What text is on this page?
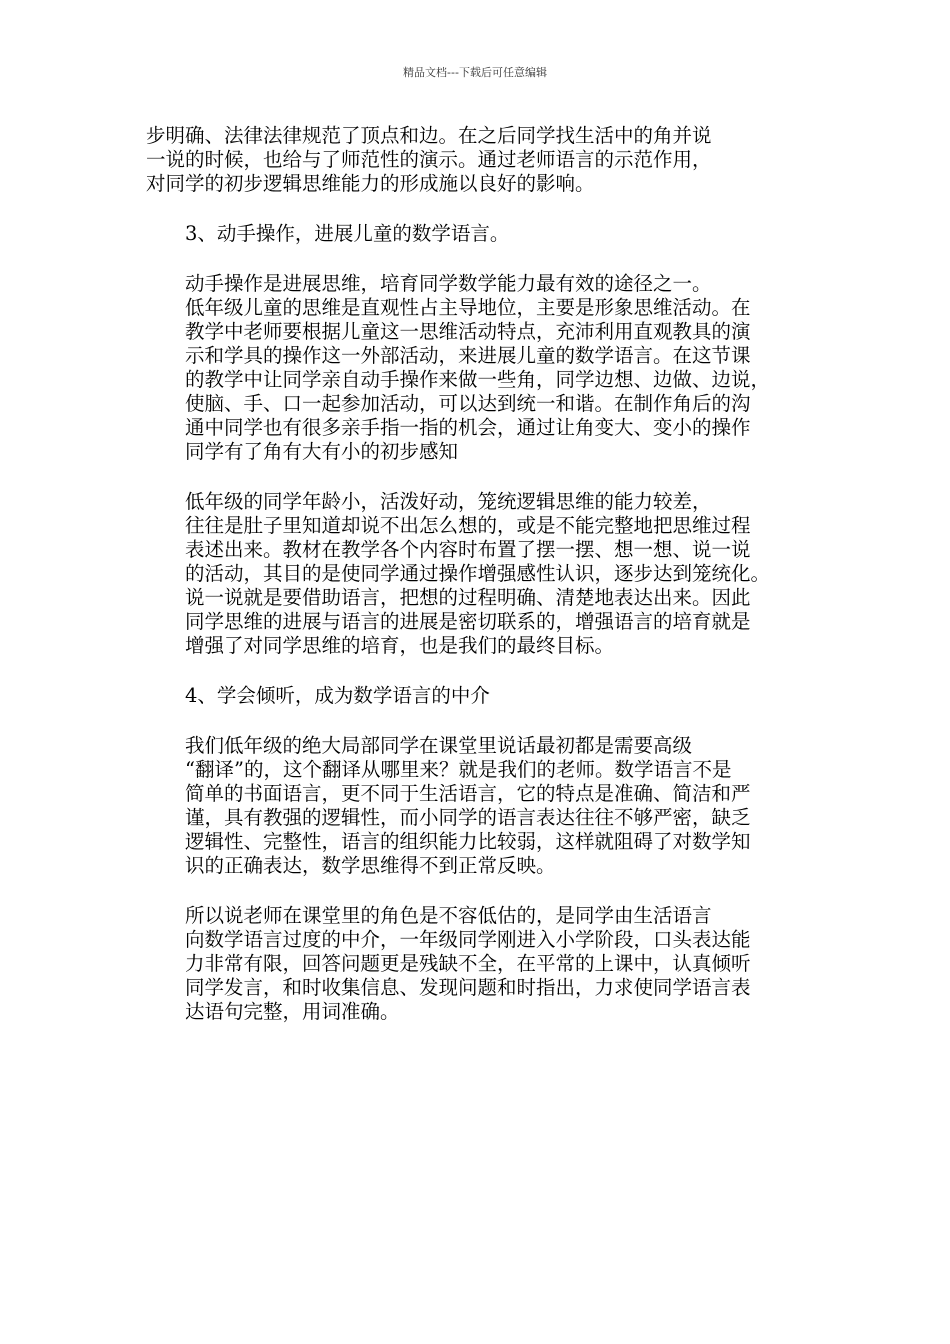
精品文档---下载后可任意编辑
步明确、法律法律规范了顶点和边。在之后同学找生活中的角并说
一说的时候，也给与了师范性的演示。通过老师语言的示范作用，
对同学的初步逻辑思维能力的形成施以良好的影响。
3、动手操作，进展儿童的数学语言。
动手操作是进展思维，培育同学数学能力最有效的途径之一。
低年级儿童的思维是直观性占主导地位，主要是形象思维活动。在
教学中老师要根据儿童这一思维活动特点，充沛利用直观教具的演
示和学具的操作这一外部活动，来进展儿童的数学语言。在这节课
的教学中让同学亲自动手操作来做一些角，同学边想、边做、边说，
使脑、手、口一起参加活动，可以达到统一和谐。在制作角后的沟
通中同学也有很多亲手指一指的机会，通过让角变大、变小的操作
同学有了角有大有小的初步感知
低年级的同学年龄小，活泼好动，笼统逻辑思维的能力较差，
往往是肚子里知道却说不出怎么想的，或是不能完整地把思维过程
表述出来。教材在教学各个内容时布置了摆一摆、想一想、说一说
的活动，其目的是使同学通过操作增强感性认识，逐步达到笼统化。
说一说就是要借助语言，把想的过程明确、清楚地表达出来。因此
同学思维的进展与语言的进展是密切联系的，增强语言的培育就是
增强了对同学思维的培育，也是我们的最终目标。
4、学会倾听，成为数学语言的中介
我们低年级的绝大局部同学在课堂里说话最初都是需要高级
“翻译”的，这个翻译从哪里来？就是我们的老师。数学语言不是
简单的书面语言，更不同于生活语言，它的特点是准确、简洁和严
谨，具有教强的逻辑性，而小同学的语言表达往往不够严密，缺乏
逻辑性、完整性，语言的组织能力比较弱，这样就阻碍了对数学知
识的正确表达，数学思维得不到正常反映。
所以说老师在课堂里的角色是不容低估的，是同学由生活语言
向数学语言过度的中介，一年级同学刚进入小学阶段，口头表达能
力非常有限，回答问题更是残缺不全，在平常的上课中，认真倾听
同学发言，和时收集信息、发现问题和时指出，力求使同学语言表
达语句完整，用词准确。
